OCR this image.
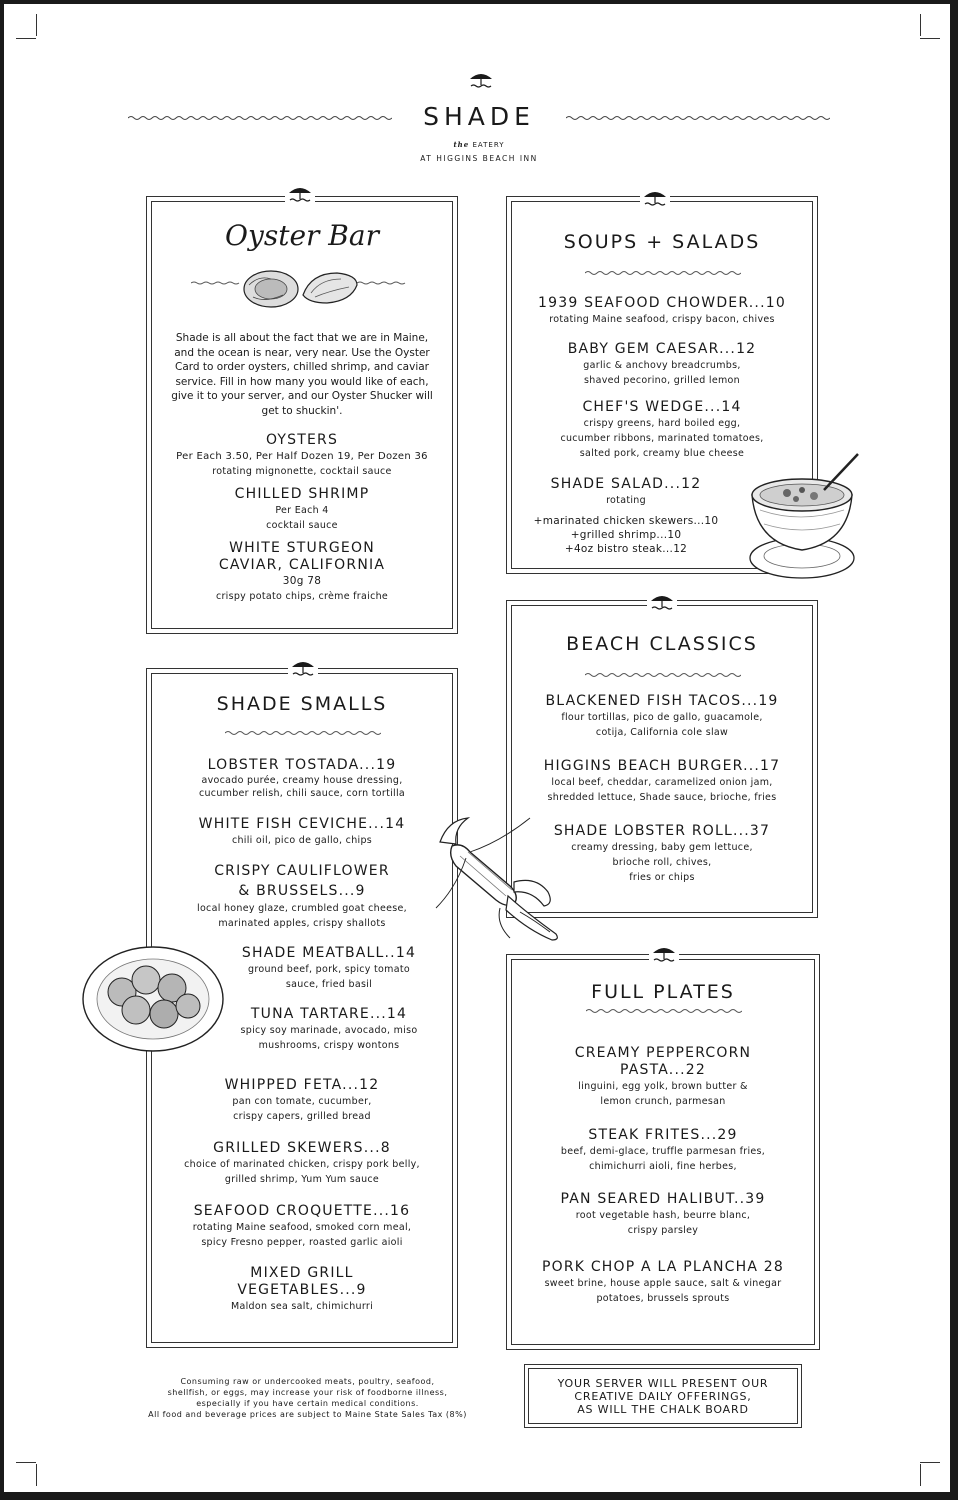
SHADE
the EATERY
AT HIGGINS BEACH INN
Oyster Bar
Shade is all about the fact that we are in Maine, and the ocean is near, very near. Use the Oyster Card to order oysters, chilled shrimp, and caviar service. Fill in how many you would like of each, give it to your server, and our Oyster Shucker will get to shuckin'.
OYSTERS
Per Each 3.50, Per Half Dozen 19, Per Dozen 36
rotating mignonette, cocktail sauce
CHILLED SHRIMP
Per Each 4
cocktail sauce
WHITE STURGEON
CAVIAR, CALIFORNIA
30g 78
crispy potato chips, crème fraiche
SOUPS + SALADS
1939 SEAFOOD CHOWDER...10
rotating Maine seafood, crispy bacon, chives
BABY GEM CAESAR...12
garlic & anchovy breadcrumbs,
shaved pecorino, grilled lemon
CHEF'S WEDGE...14
crispy greens, hard boiled egg,
cucumber ribbons, marinated tomatoes,
salted pork, creamy blue cheese
SHADE SALAD...12
rotating
+marinated chicken skewers...10
+grilled shrimp...10
+4oz bistro steak...12
BEACH CLASSICS
BLACKENED FISH TACOS...19
flour tortillas, pico de gallo, guacamole,
cotija, California cole slaw
HIGGINS BEACH BURGER...17
local beef, cheddar, caramelized onion jam,
shredded lettuce, Shade sauce, brioche, fries
SHADE LOBSTER ROLL...37
creamy dressing, baby gem lettuce,
brioche roll, chives,
fries or chips
SHADE SMALLS
LOBSTER TOSTADA...19
avocado purée, creamy house dressing,
cucumber relish, chili sauce, corn tortilla
WHITE FISH CEVICHE...14
chili oil, pico de gallo, chips
CRISPY CAULIFLOWER
& BRUSSELS...9
local honey glaze, crumbled goat cheese,
marinated apples, crispy shallots
SHADE MEATBALL..14
ground beef, pork, spicy tomato
sauce, fried basil
TUNA TARTARE...14
spicy soy marinade, avocado, miso
mushrooms, crispy wontons
WHIPPED FETA...12
pan con tomate, cucumber,
crispy capers, grilled bread
GRILLED SKEWERS...8
choice of marinated chicken, crispy pork belly,
grilled shrimp, Yum Yum sauce
SEAFOOD CROQUETTE...16
rotating Maine seafood, smoked corn meal,
spicy Fresno pepper, roasted garlic aioli
MIXED GRILL
VEGETABLES...9
Maldon sea salt, chimichurri
FULL PLATES
CREAMY PEPPERCORN
PASTA...22
linguini, egg yolk, brown butter &
lemon crunch, parmesan
STEAK FRITES...29
beef, demi-glace, truffle parmesan fries,
chimichurri aioli, fine herbes,
PAN SEARED HALIBUT..39
root vegetable hash, beurre blanc,
crispy parsley
PORK CHOP A LA PLANCHA 28
sweet brine, house apple sauce, salt & vinegar
potatoes, brussels sprouts
Consuming raw or undercooked meats, poultry, seafood,
shellfish, or eggs, may increase your risk of foodborne illness,
especially if you have certain medical conditions.
All food and beverage prices are subject to Maine State Sales Tax (8%)
YOUR SERVER WILL PRESENT OUR
CREATIVE DAILY OFFERINGS,
AS WILL THE CHALK BOARD
